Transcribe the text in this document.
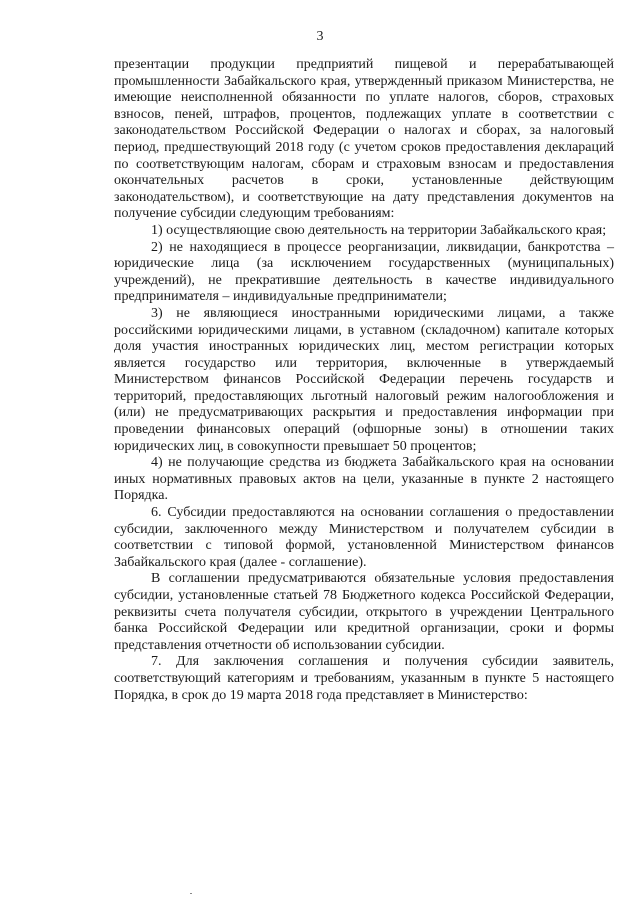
3

презентации продукции предприятий пищевой и перерабатывающей промышленности Забайкальского края, утвержденный приказом Министерства, не имеющие неисполненной обязанности по уплате налогов, сборов, страховых взносов, пеней, штрафов, процентов, подлежащих уплате в соответствии с законодательством Российской Федерации о налогах и сборах, за налоговый период, предшествующий 2018 году (с учетом сроков предоставления деклараций по соответствующим налогам, сборам и страховым взносам и предоставления окончательных расчетов в сроки, установленные действующим законодательством), и соответствующие на дату представления документов на получение субсидии следующим требованиям:

1) осуществляющие свою деятельность на территории Забайкальского края;

2) не находящиеся в процессе реорганизации, ликвидации, банкротства – юридические лица (за исключением государственных (муниципальных) учреждений), не прекратившие деятельность в качестве индивидуального предпринимателя – индивидуальные предприниматели;

3) не являющиеся иностранными юридическими лицами, а также российскими юридическими лицами, в уставном (складочном) капитале которых доля участия иностранных юридических лиц, местом регистрации которых является государство или территория, включенные в утверждаемый Министерством финансов Российской Федерации перечень государств и территорий, предоставляющих льготный налоговый режим налогообложения и (или) не предусматривающих раскрытия и предоставления информации при проведении финансовых операций (офшорные зоны) в отношении таких юридических лиц, в совокупности превышает 50 процентов;

4) не получающие средства из бюджета Забайкальского края на основании иных нормативных правовых актов на цели, указанные в пункте 2 настоящего Порядка.

6. Субсидии предоставляются на основании соглашения о предоставлении субсидии, заключенного между Министерством и получателем субсидии в соответствии с типовой формой, установленной Министерством финансов Забайкальского края (далее - соглашение).

В соглашении предусматриваются обязательные условия предоставления субсидии, установленные статьей 78 Бюджетного кодекса Российской Федерации, реквизиты счета получателя субсидии, открытого в учреждении Центрального банка Российской Федерации или кредитной организации, сроки и формы представления отчетности об использовании субсидии.

7. Для заключения соглашения и получения субсидии заявитель, соответствующий категориям и требованиям, указанным в пункте 5 настоящего Порядка, в срок до 19 марта 2018 года представляет в Министерство:
